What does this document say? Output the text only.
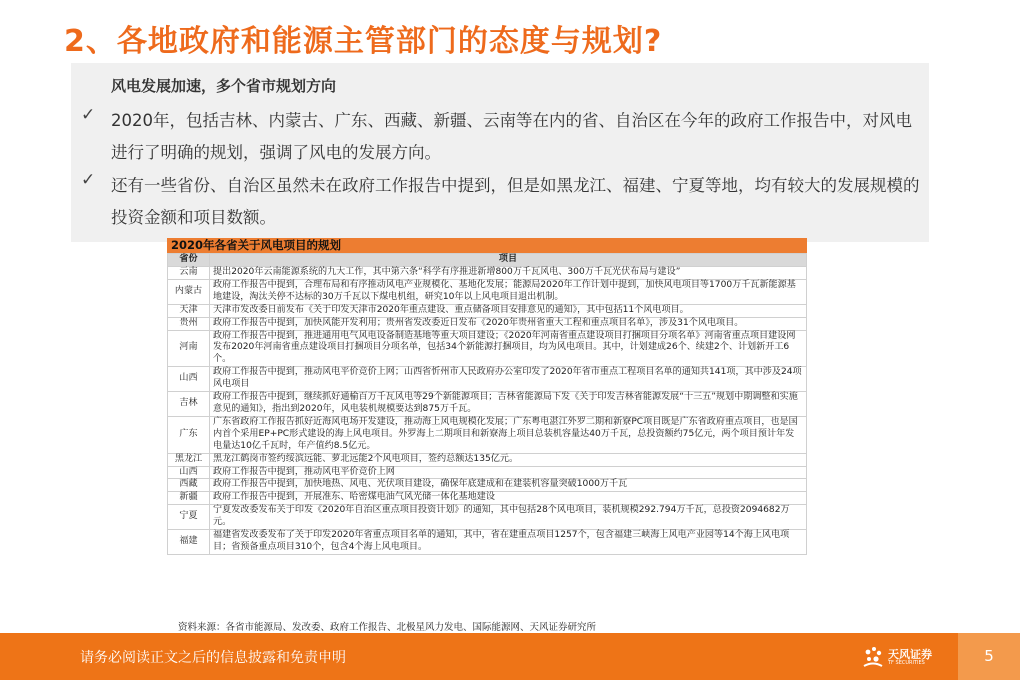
2、各地政府和能源主管部门的态度与规划?
风电发展加速，多个省市规划方向
✓ 2020年，包括吉林、内蒙古、广东、西藏、新疆、云南等在内的省、自治区在今年的政府工作报告中，对风电进行了明确的规划，强调了风电的发展方向。
✓ 还有一些省份、自治区虽然未在政府工作报告中提到，但是如黑龙江、福建、宁夏等地，均有较大的发展规模的投资金额和项目数额。
2020年各省关于风电项目的规划
省份	项目
云南	提出2020年云南能源系统的九大工作，其中第六条“科学有序推进新增800万千瓦风电、300万千瓦光伏布局与建设”
内蒙古	政府工作报告中提到，合理布局和有序推动风电产业规模化、基地化发展；能源局2020年工作计划中提到，加快风电项目等1700万千瓦新能源基地建设，淘汰关停不达标的30万千瓦以下煤电机组，研究10年以上风电项目退出机制。
天津	天津市发改委日前发布《关于印发天津市2020年重点建设、重点储备项目安排意见的通知》，其中包括11个风电项目。
贵州	政府工作报告中提到，加快风能开发利用；贵州省发改委近日发布《2020年贵州省重大工程和重点项目名单》，涉及31个风电项目。
河南	政府工作报告中提到，推进通用电气风电设备制造基地等重大项目建设；《2020年河南省重点建设项目打捆项目分项名单》河南省重点项目建设网发布2020年河南省重点建设项目打捆项目分项名单，包括34个新能源打捆项目，均为风电项目。其中，计划建成26个、续建2个、计划新开工6个。
山西	政府工作报告中提到，推动风电平价竞价上网；山西省忻州市人民政府办公室印发了2020年省市重点工程项目名单的通知共141项，其中涉及24项风电项目
吉林	政府工作报告中提到，继续抓好通榆百万千瓦风电等29个新能源项目；吉林省能源局下发《关于印发吉林省能源发展“十三五”规划中期调整和实施意见的通知》，指出到2020年，风电装机规模要达到875万千瓦。
广东	广东省政府工作报告抓好近海风电场开发建设，推动海上风电规模化发展；广东粤电湛江外罗二期和新寮PC项目既是广东省政府重点项目，也是国内首个采用EP+PC形式建设的海上风电项目。外罗海上二期项目和新寮海上项目总装机容量达40万千瓦，总投资额约75亿元，两个项目预计年发电量达10亿千瓦时，年产值约8.5亿元。
黑龙江	黑龙江鹤岗市签约绥滨远能、萝北远能2个风电项目，签约总额达135亿元。
山西	政府工作报告中提到，推动风电平价竞价上网
西藏	政府工作报告中提到，加快地热、风电、光伏项目建设，确保年底建成和在建装机容量突破1000万千瓦
新疆	政府工作报告中提到，开展准东、哈密煤电油气风光储一体化基地建设
宁夏	宁夏发改委发布关于印发《2020年自治区重点项目投资计划》的通知，其中包括28个风电项目，装机规模292.794万千瓦，总投资2094682万元。
福建	福建省发改委发布了关于印发2020年省重点项目名单的通知，其中，省在建重点项目1257个，包含福建三峡海上风电产业园等14个海上风电项目；省预备重点项目310个，包含4个海上风电项目。
资料来源：各省市能源局、发改委、政府工作报告、北极星风力发电、国际能源网、天风证券研究所
请务必阅读正文之后的信息披露和免责申明	天风证券
TF SECURITIES	5
